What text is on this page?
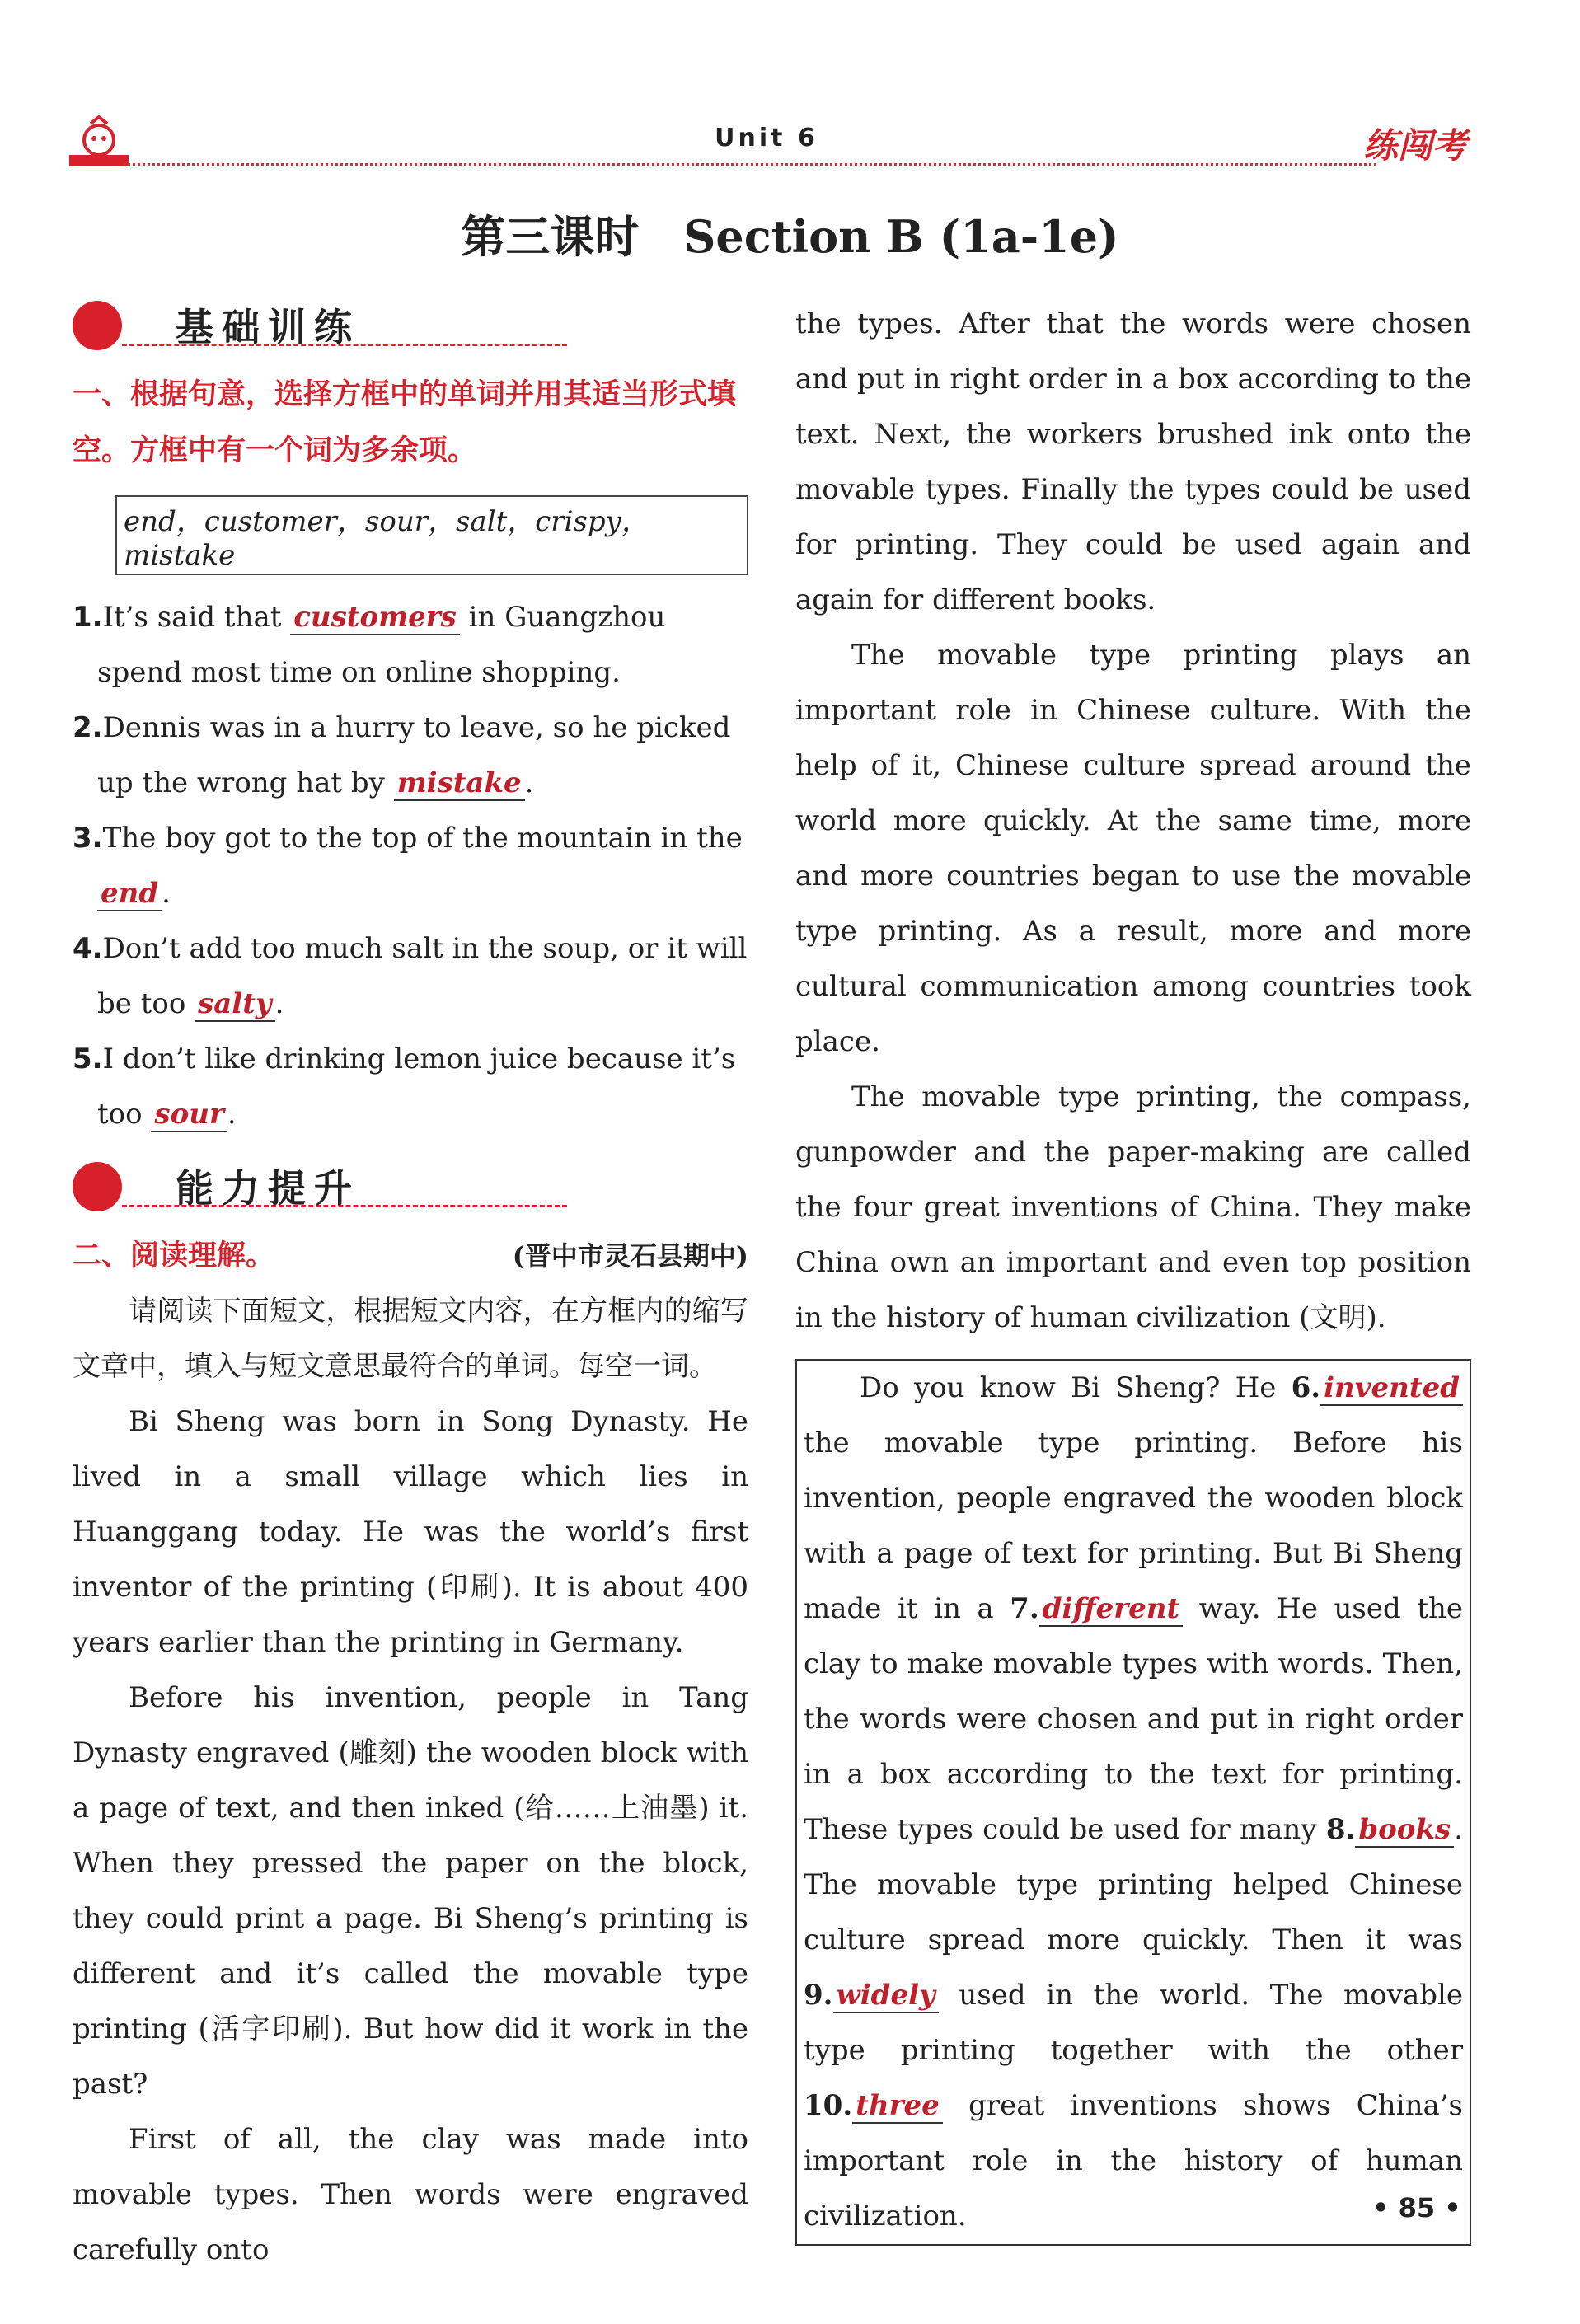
Unit 6	练闯考
第三课时　Section B (1a-1e)
基础训练
一、根据句意，选择方框中的单词并用其适当形式填空。方框中有一个词为多余项。
end，customer，sour，salt，crispy，mistake
1.It’s said that customers in Guangzhou spend most time on online shopping.
2.Dennis was in a hurry to leave, so he picked up the wrong hat by mistake .
3.The boy got to the top of the mountain in the end .
4.Don’t add too much salt in the soup, or it will be too salty .
5.I don’t like drinking lemon juice because it’s too sour .
能力提升
二、阅读理解。	(晋中市灵石县期中)
请阅读下面短文，根据短文内容，在方框内的缩写文章中，填入与短文意思最符合的单词。每空一词。
Bi Sheng was born in Song Dynasty. He lived in a small village which lies in Huanggang today. He was the world’s first inventor of the printing (印刷). It is about 400 years earlier than the printing in Germany.
Before his invention, people in Tang Dynasty engraved (雕刻) the wooden block with a page of text, and then inked (给……上油墨) it. When they pressed the paper on the block, they could print a page. Bi Sheng’s printing is different and it’s called the movable type printing (活字印刷). But how did it work in the past?
First of all, the clay was made into movable types. Then words were engraved carefully onto
the types. After that the words were chosen and put in right order in a box according to the text. Next, the workers brushed ink onto the movable types. Finally the types could be used for printing. They could be used again and again for different books.
The movable type printing plays an important role in Chinese culture. With the help of it, Chinese culture spread around the world more quickly. At the same time, more and more countries began to use the movable type printing. As a result, more and more cultural communication among countries took place.
The movable type printing, the compass, gunpowder and the paper-making are called the four great inventions of China. They make China own an important and even top position in the history of human civilization (文明).
Do you know Bi Sheng? He 6. invented the movable type printing. Before his invention, people engraved the wooden block with a page of text for printing. But Bi Sheng made it in a 7. different way. He used the clay to make movable types with words. Then, the words were chosen and put in right order in a box according to the text for printing. These types could be used for many 8. books . The movable type printing helped Chinese culture spread more quickly. Then it was 9. widely used in the world. The movable type printing together with the other 10. three great inventions shows China’s important role in the history of human civilization.	• 85 •
